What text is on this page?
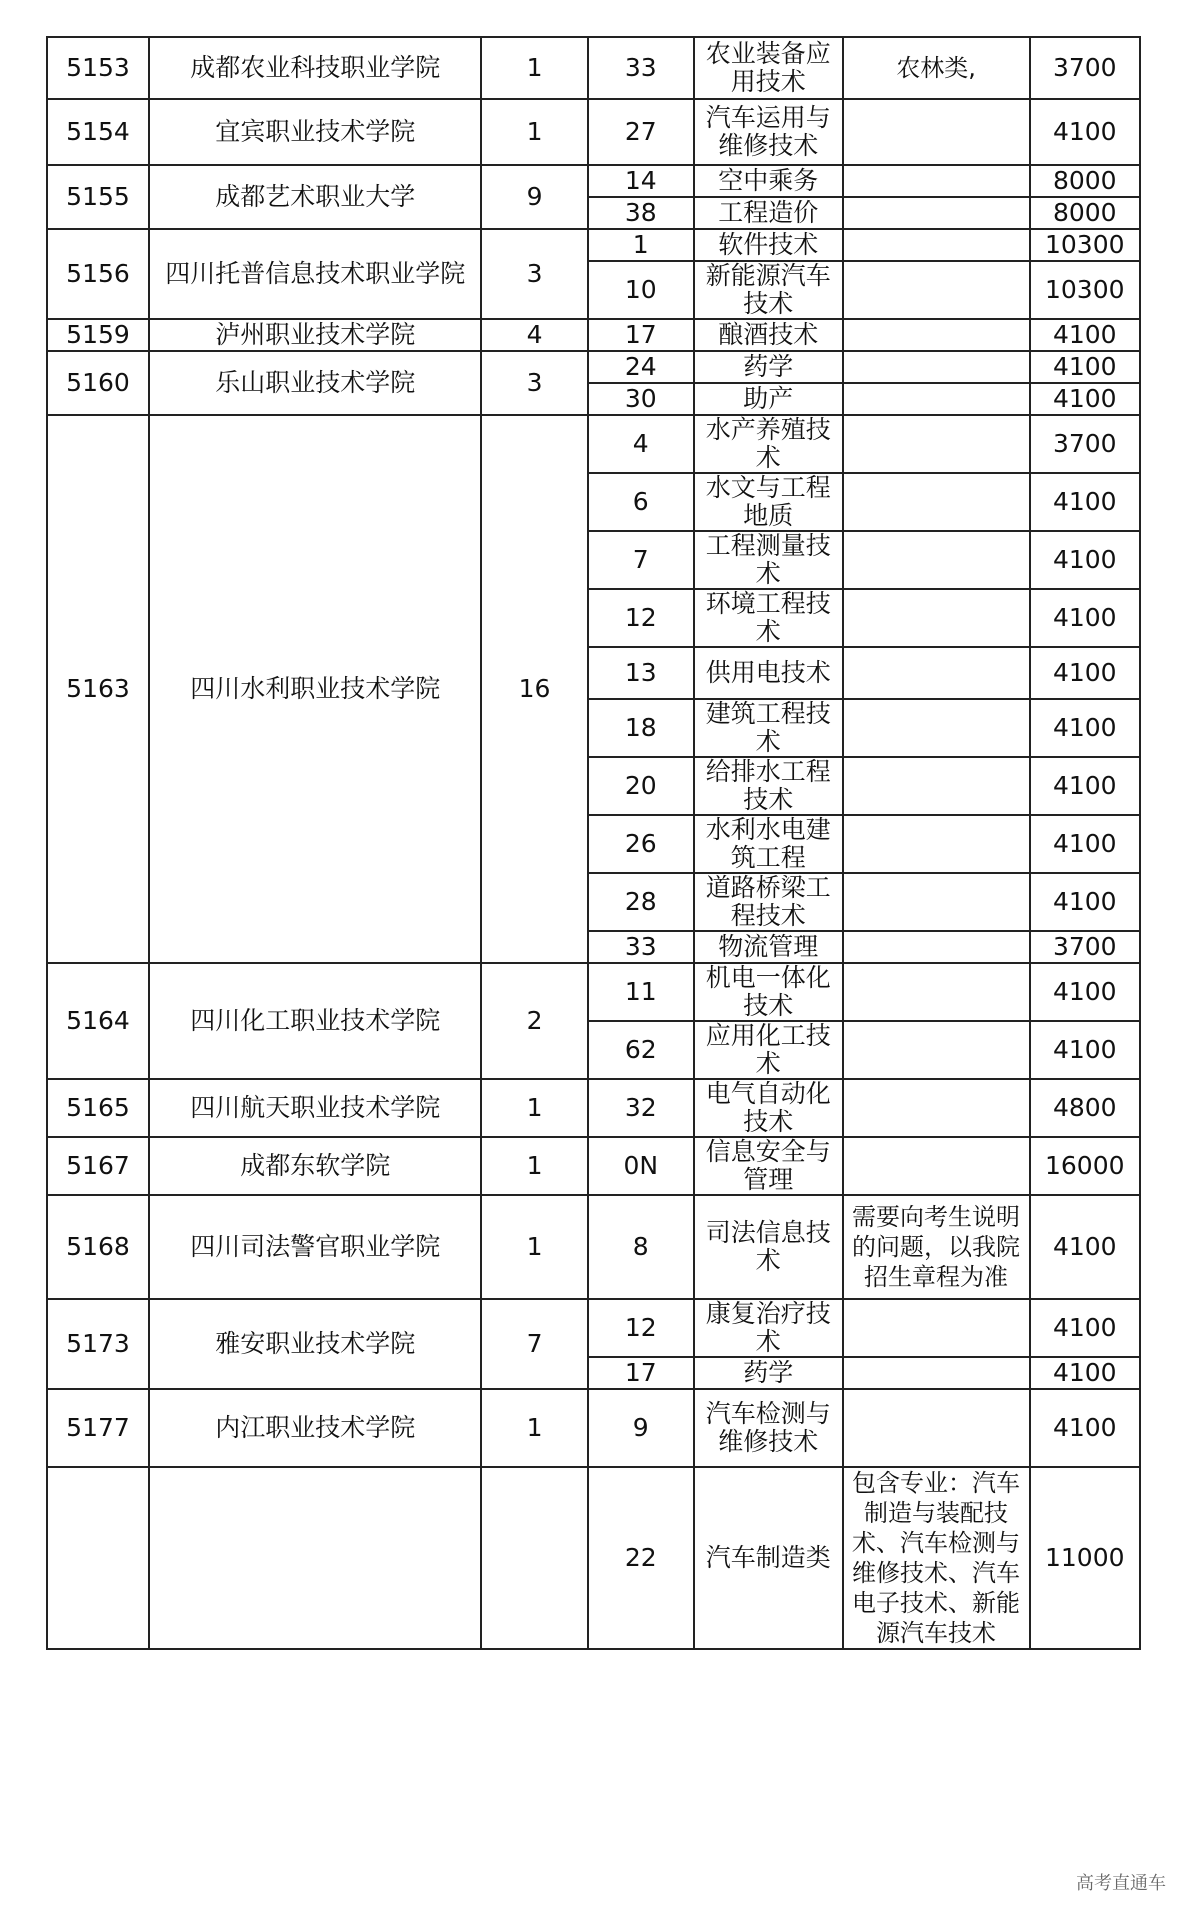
5153	成都农业科技职业学院	1	33	农业装备应用技术	农林类,	3700
5154	宜宾职业技术学院	1	27	汽车运用与维修技术		4100
5155	成都艺术职业大学	9	14	空中乘务		8000
			38	工程造价		8000
5156	四川托普信息技术职业学院	3	1	软件技术		10300
			10	新能源汽车技术		10300
5159	泸州职业技术学院	4	17	酿酒技术		4100
5160	乐山职业技术学院	3	24	药学		4100
			30	助产		4100
5163	四川水利职业技术学院	16	4	水产养殖技术		3700
			6	水文与工程地质		4100
			7	工程测量技术		4100
			12	环境工程技术		4100
			13	供用电技术		4100
			18	建筑工程技术		4100
			20	给排水工程技术		4100
			26	水利水电建筑工程		4100
			28	道路桥梁工程技术		4100
			33	物流管理		3700
5164	四川化工职业技术学院	2	11	机电一体化技术		4100
			62	应用化工技术		4100
5165	四川航天职业技术学院	1	32	电气自动化技术		4800
5167	成都东软学院	1	0N	信息安全与管理		16000
5168	四川司法警官职业学院	1	8	司法信息技术	需要向考生说明的问题，以我院招生章程为准	4100
5173	雅安职业技术学院	7	12	康复治疗技术		4100
			17	药学		4100
5177	内江职业技术学院	1	9	汽车检测与维修技术		4100
			22	汽车制造类	包含专业：汽车制造与装配技术、汽车检测与维修技术、汽车电子技术、新能源汽车技术	11000
高考直通车
